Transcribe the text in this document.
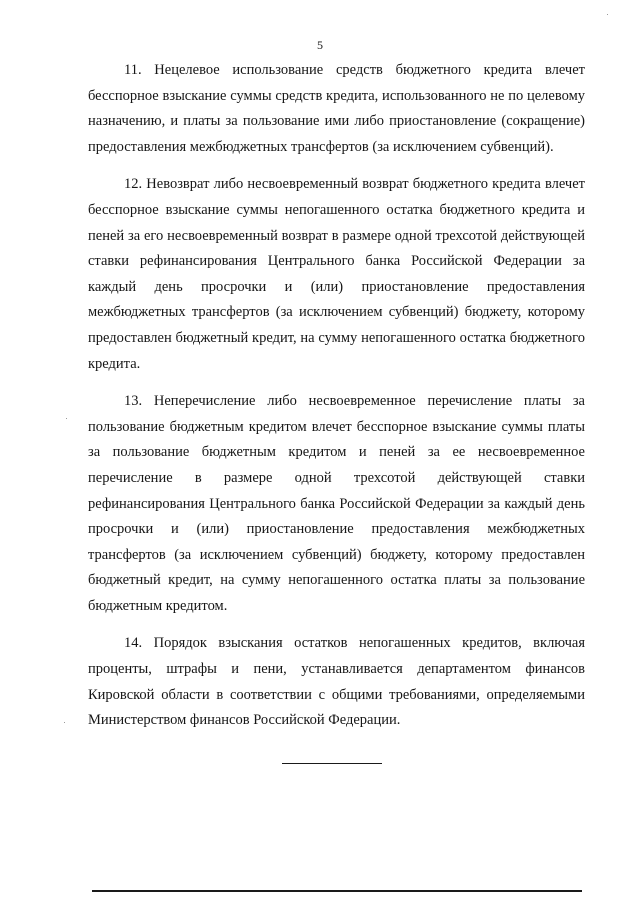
5

11. Нецелевое использование средств бюджетного кредита влечет бесспорное взыскание суммы средств кредита, использованного не по целевому назначению, и платы за пользование ими либо приостановление (сокращение) предоставления межбюджетных трансфертов (за исключением субвенций).

12. Невозврат либо несвоевременный возврат бюджетного кредита влечет бесспорное взыскание суммы непогашенного остатка бюджетного кредита и пеней за его несвоевременный возврат в размере одной трехсотой действующей ставки рефинансирования Центрального банка Российской Федерации за каждый день просрочки и (или) приостановление предоставления межбюджетных трансфертов (за исключением субвенций) бюджету, которому предоставлен бюджетный кредит, на сумму непогашенного остатка бюджетного кредита.

13. Неперечисление либо несвоевременное перечисление платы за пользование бюджетным кредитом влечет бесспорное взыскание суммы платы за пользование бюджетным кредитом и пеней за ее несвоевременное перечисление в размере одной трехсотой действующей ставки рефинансирования Центрального банка Российской Федерации за каждый день просрочки и (или) приостановление предоставления межбюджетных трансфертов (за исключением субвенций) бюджету, которому предоставлен бюджетный кредит, на сумму непогашенного остатка платы за пользование бюджетным кредитом.

14. Порядок взыскания остатков непогашенных кредитов, включая проценты, штрафы и пени, устанавливается департаментом финансов Кировской области в соответствии с общими требованиями, определяемыми Министерством финансов Российской Федерации.
